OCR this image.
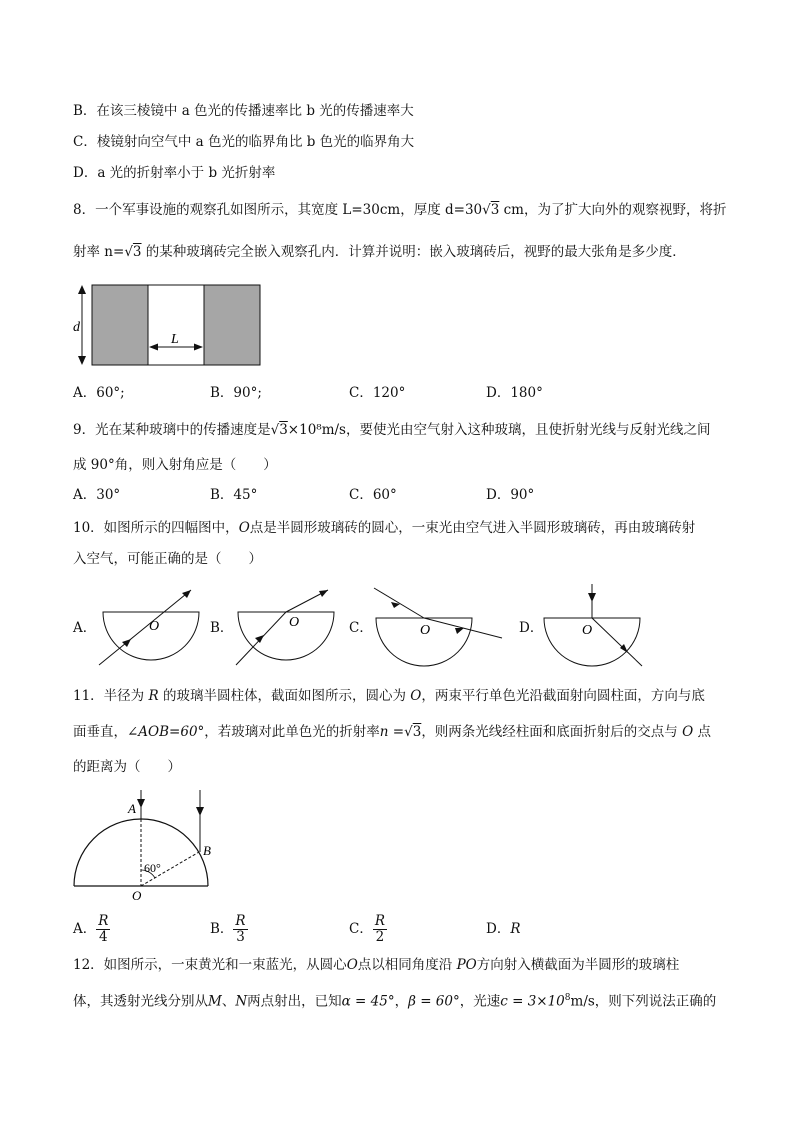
B．在该三棱镜中 a 色光的传播速率比 b 光的传播速率大
C．棱镜射向空气中 a 色光的临界角比 b 色光的临界角大
D．a 光的折射率小于 b 光折射率
8．一个军事设施的观察孔如图所示，其宽度 L=30cm，厚度 d=30√3 cm，为了扩大向外的观察视野，将折
射率 n=√3 的某种玻璃砖完全嵌入观察孔内．计算并说明：嵌入玻璃砖后，视野的最大张角是多少度．
d
L
A．60°;	B．90°;	C．120°	D．180°
9．光在某种玻璃中的传播速度是√3×10⁸m/s，要使光由空气射入这种玻璃，且使折射光线与反射光线之间
成 90°角，则入射角应是（　　）
A．30°	B．45°	C．60°	D．90°
10．如图所示的四幅图中，O点是半圆形玻璃砖的圆心，一束光由空气进入半圆形玻璃砖，再由玻璃砖射
入空气，可能正确的是（　　）
A．	B．	C．	D．
O	O
O	O
11．半径为 R 的玻璃半圆柱体，截面如图所示，圆心为 O，两束平行单色光沿截面射向圆柱面，方向与底
面垂直，∠AOB=60°，若玻璃对此单色光的折射率n =√3，则两条光线经柱面和底面折射后的交点与 O 点
的距离为（　　）
A
B
O
60°
A． $\frac{R}{4}$	B． $\frac{R}{3}$	C． $\frac{R}{2}$	D．R
12．如图所示，一束黄光和一束蓝光，从圆心O点以相同角度沿 PO方向射入横截面为半圆形的玻璃柱
体，其透射光线分别从M、N两点射出，已知α = 45°，β = 60°，光速$c = 3\times 10^8m/s$，则下列说法正确的
